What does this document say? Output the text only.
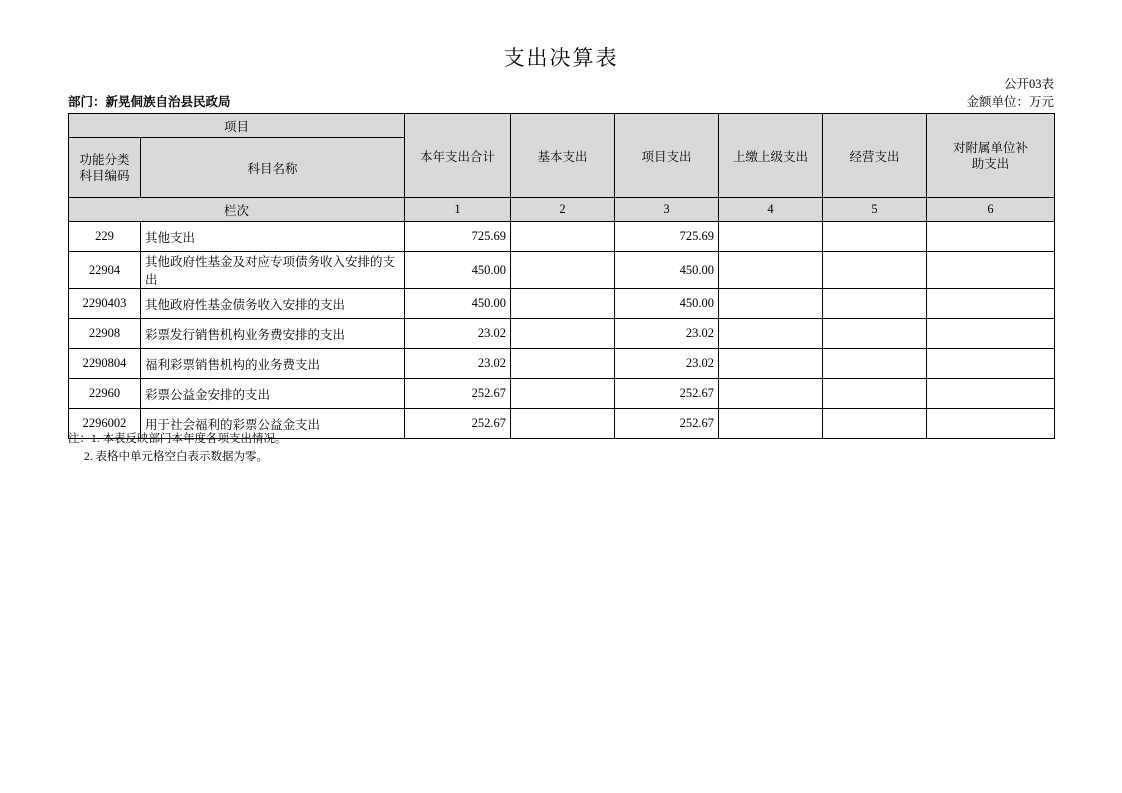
支出决算表
公开03表
部门：新晃侗族自治县民政局	金额单位：万元
项目		本年支出合计	基本支出	项目支出	上缴上级支出	经营支出	对附属单位补
助支出

功能分类
科目编码	科目名称						
栏次		1	2	3	4	5	6
229	其他支出	725.69		725.69			
22904	其他政府性基金及对应专项债务收入安排的支出	450.00		450.00			
2290403	其他政府性基金债务收入安排的支出	450.00		450.00			
22908	彩票发行销售机构业务费安排的支出	23.02		23.02			
2290804	福利彩票销售机构的业务费支出	23.02		23.02			
22960	彩票公益金安排的支出	252.67		252.67			
2296002	用于社会福利的彩票公益金支出	252.67		252.67			
注：1. 本表反映部门本年度各项支出情况。
2. 表格中单元格空白表示数据为零。
